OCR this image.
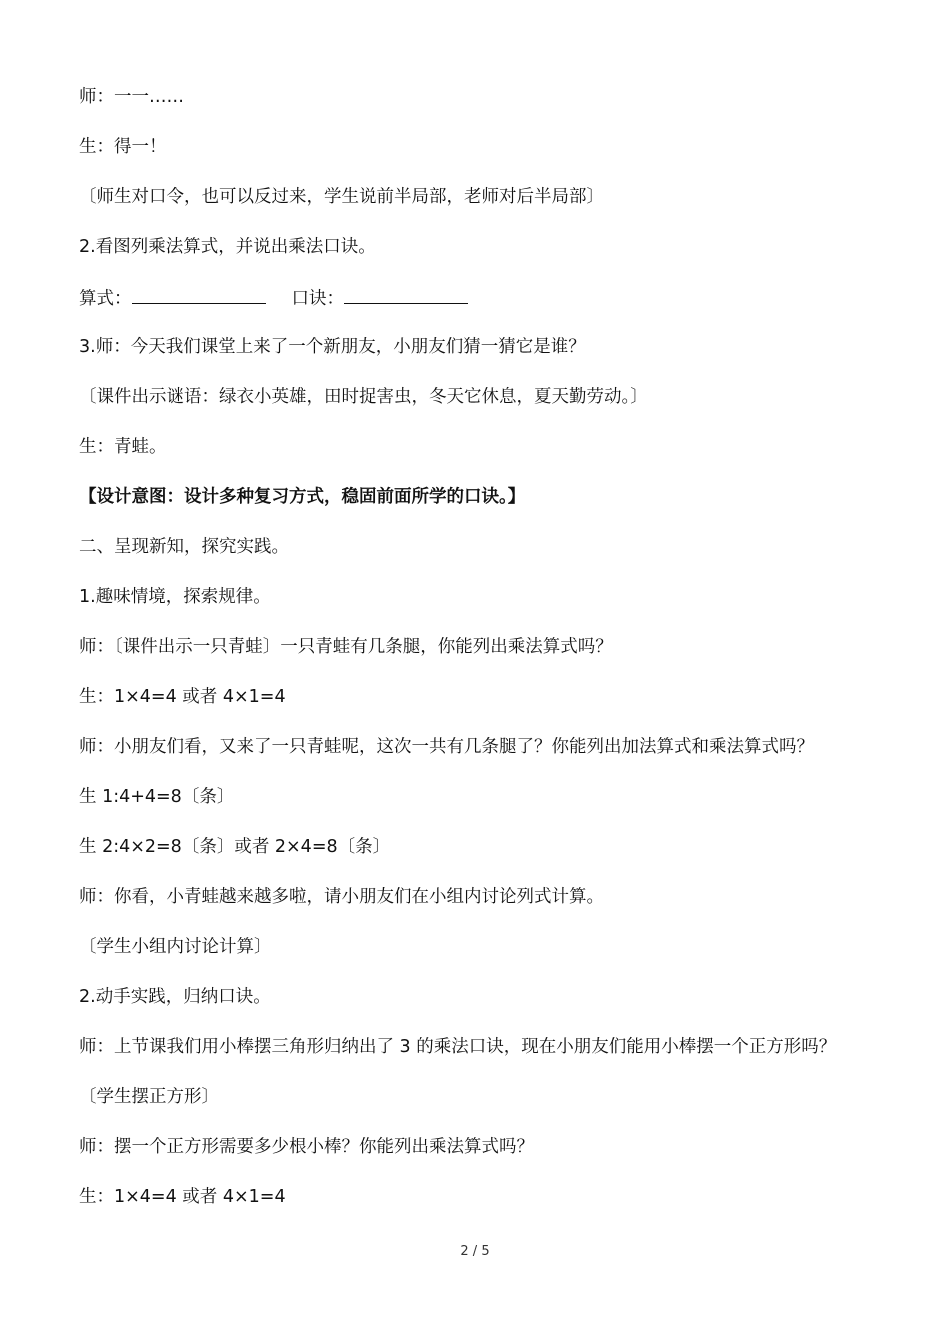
师：一一……
生：得一！
〔师生对口令，也可以反过来，学生说前半局部，老师对后半局部〕
2.看图列乘法算式，并说出乘法口诀。
算式：	口诀：
3.师：今天我们课堂上来了一个新朋友，小朋友们猜一猜它是谁？
〔课件出示谜语：绿衣小英雄，田时捉害虫，冬天它休息，夏天勤劳动。〕
生：青蛙。
【设计意图：设计多种复习方式，稳固前面所学的口诀。】
二、呈现新知，探究实践。
1.趣味情境，探索规律。
师：〔课件出示一只青蛙〕一只青蛙有几条腿，你能列出乘法算式吗？
生：1×4=4 或者 4×1=4
师：小朋友们看，又来了一只青蛙呢，这次一共有几条腿了？你能列出加法算式和乘法算式吗？
生 1:4+4=8〔条〕
生 2:4×2=8〔条〕或者 2×4=8〔条〕
师：你看，小青蛙越来越多啦，请小朋友们在小组内讨论列式计算。
〔学生小组内讨论计算〕
2.动手实践，归纳口诀。
师：上节课我们用小棒摆三角形归纳出了 3 的乘法口诀，现在小朋友们能用小棒摆一个正方形吗？
〔学生摆正方形〕
师：摆一个正方形需要多少根小棒？你能列出乘法算式吗？
生：1×4=4 或者 4×1=4
2 / 5
